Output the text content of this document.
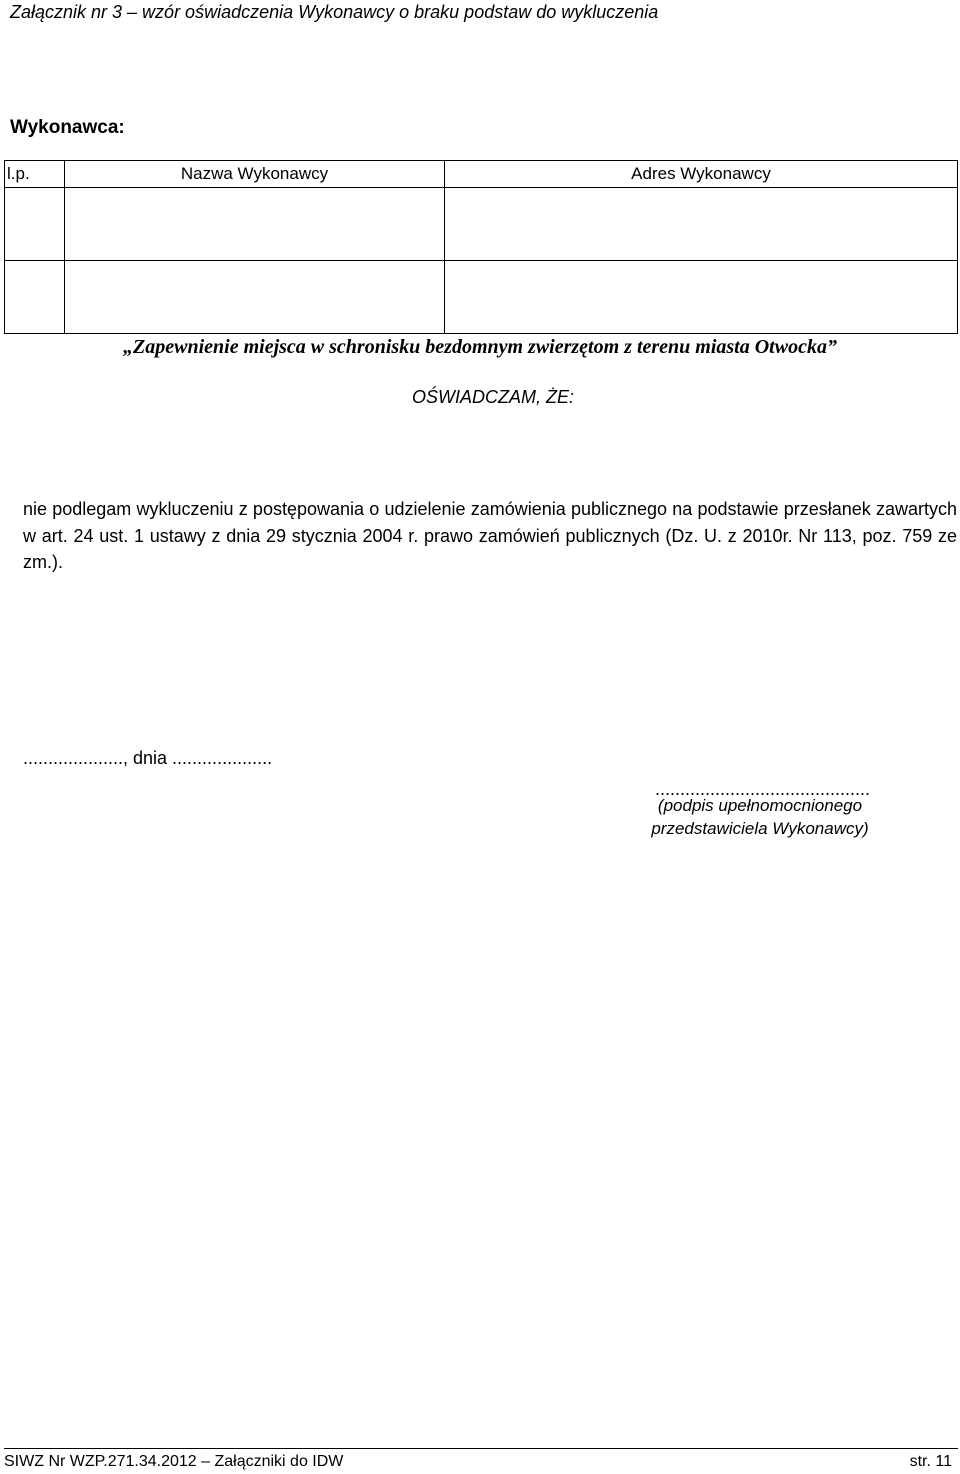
Załącznik nr 3 – wzór oświadczenia Wykonawcy o braku podstaw do wykluczenia
Wykonawca:
l.p.	Nazwa Wykonawcy	Adres Wykonawcy

„Zapewnienie miejsca w schronisku bezdomnym zwierzętom z terenu miasta Otwocka”
OŚWIADCZAM, ŻE:
nie podlegam wykluczeniu z postępowania o udzielenie zamówienia publicznego na podstawie przesłanek zawartych w art. 24 ust. 1 ustawy z dnia 29 stycznia 2004 r. prawo zamówień publicznych (Dz. U. z 2010r. Nr 113, poz. 759 ze zm.).
...................., dnia ....................
...........................................
(podpis upełnomocnionego przedstawiciela Wykonawcy)
SIWZ Nr WZP.271.34.2012 – Załączniki do IDW	str. 11
